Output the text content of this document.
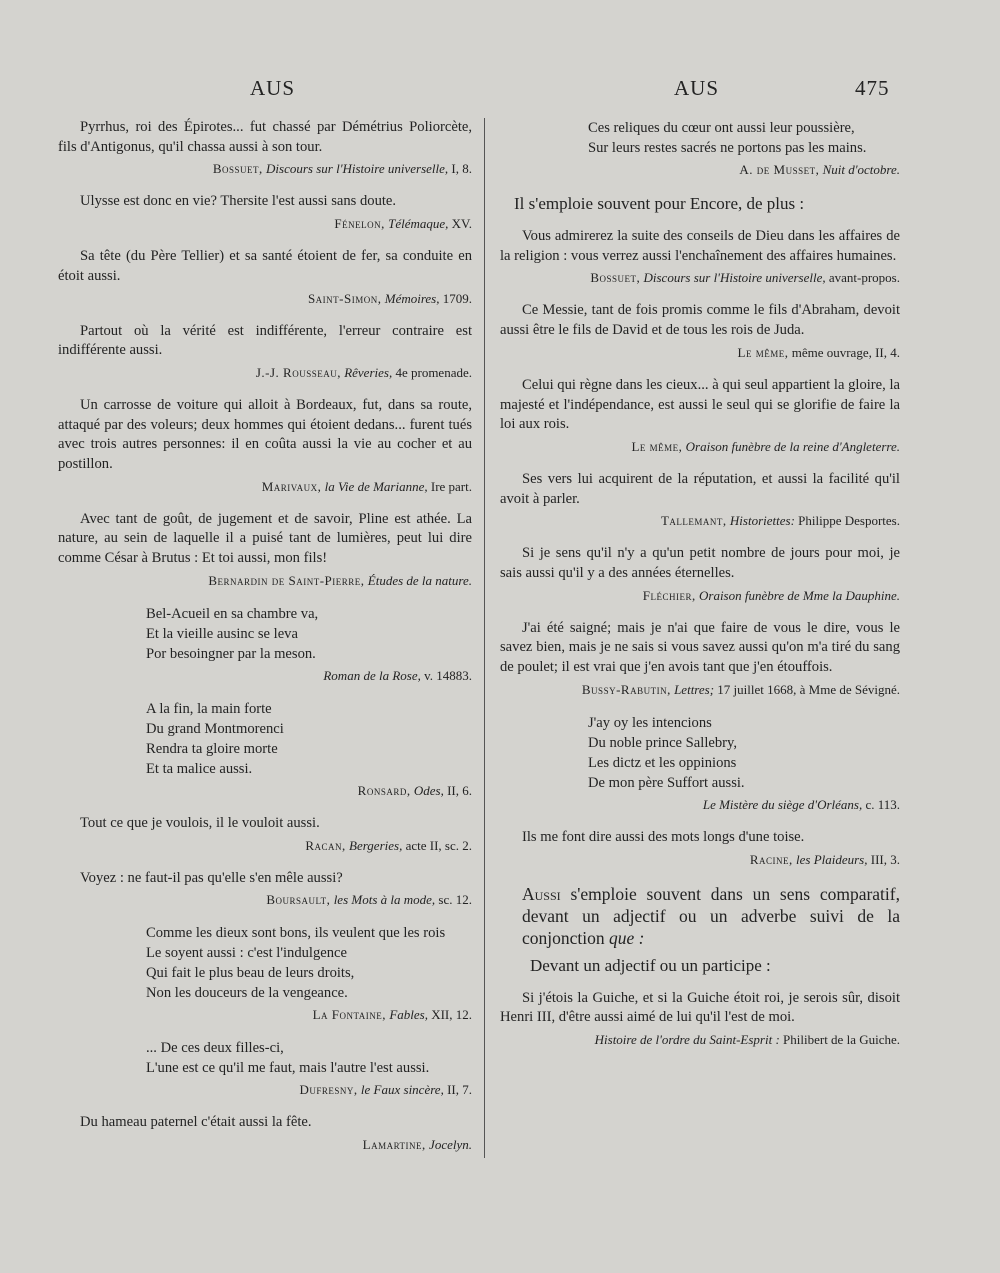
AUS	AUS	475

Pyrrhus, roi des Épirotes... fut chassé par Démétrius Poliorcète, fils d'Antigonus, qu'il chassa aussi à son tour.

Bossuet, Discours sur l'Histoire universelle, I, 8.

Ulysse est donc en vie? Thersite l'est aussi sans doute.

Fénelon, Télémaque, XV.

Sa tête (du Père Tellier) et sa santé étoient de fer, sa conduite en étoit aussi.

Saint-Simon, Mémoires, 1709.

Partout où la vérité est indifférente, l'erreur contraire est indifférente aussi.

J.-J. Rousseau, Rêveries, 4e promenade.

Un carrosse de voiture qui alloit à Bordeaux, fut, dans sa route, attaqué par des voleurs; deux hommes qui étoient dedans... furent tués avec trois autres personnes: il en coûta aussi la vie au cocher et au postillon.

Marivaux, la Vie de Marianne, Ire part.

Avec tant de goût, de jugement et de savoir, Pline est athée. La nature, au sein de laquelle il a puisé tant de lumières, peut lui dire comme César à Brutus : Et toi aussi, mon fils!

Bernardin de Saint-Pierre, Études de la nature.
Bel-Acueil en sa chambre va,
Et la vieille ausinc se leva
Por besoingner par la meson.
Roman de la Rose, v. 14883.
A la fin, la main forte
Du grand Montmorenci
Rendra ta gloire morte
Et ta malice aussi.
Ronsard, Odes, II, 6.

Tout ce que je voulois, il le vouloit aussi.

Racan, Bergeries, acte II, sc. 2.

Voyez : ne faut-il pas qu'elle s'en mêle aussi?

Boursault, les Mots à la mode, sc. 12.
Comme les dieux sont bons, ils veulent que les rois
Le soyent aussi : c'est l'indulgence
Qui fait le plus beau de leurs droits,
Non les douceurs de la vengeance.
La Fontaine, Fables, XII, 12.
... De ces deux filles-ci,
L'une est ce qu'il me faut, mais l'autre l'est aussi.
Dufresny, le Faux sincère, II, 7.

Du hameau paternel c'était aussi la fête.

Lamartine, Jocelyn.
Ces reliques du cœur ont aussi leur poussière,
Sur leurs restes sacrés ne portons pas les mains.
A. de Musset, Nuit d'octobre.
Il s'emploie souvent pour Encore, de plus :

Vous admirerez la suite des conseils de Dieu dans les affaires de la religion : vous verrez aussi l'enchaînement des affaires humaines.

Bossuet, Discours sur l'Histoire universelle, avant-propos.

Ce Messie, tant de fois promis comme le fils d'Abraham, devoit aussi être le fils de David et de tous les rois de Juda.

Le même, même ouvrage, II, 4.

Celui qui règne dans les cieux... à qui seul appartient la gloire, la majesté et l'indépendance, est aussi le seul qui se glorifie de faire la loi aux rois.

Le même, Oraison funèbre de la reine d'Angleterre.

Ses vers lui acquirent de la réputation, et aussi la facilité qu'il avoit à parler.

Tallemant, Historiettes: Philippe Desportes.

Si je sens qu'il n'y a qu'un petit nombre de jours pour moi, je sais aussi qu'il y a des années éternelles.

Fléchier, Oraison funèbre de Mme la Dauphine.

J'ai été saigné; mais je n'ai que faire de vous le dire, vous le savez bien, mais je ne sais si vous savez aussi qu'on m'a tiré du sang de poulet; il est vrai que j'en avois tant que j'en étouffois.

Bussy-Rabutin, Lettres; 17 juillet 1668, à Mme de Sévigné.
J'ay oy les intencions
Du noble prince Sallebry,
Les dictz et les oppinions
De mon père Suffort aussi.
Le Mistère du siège d'Orléans, c. 113.

Ils me font dire aussi des mots longs d'une toise.

Racine, les Plaideurs, III, 3.
Aussi s'emploie souvent dans un sens comparatif, devant un adjectif ou un adverbe suivi de la conjonction que :
Devant un adjectif ou un participe :

Si j'étois la Guiche, et si la Guiche étoit roi, je serois sûr, disoit Henri III, d'être aussi aimé de lui qu'il l'est de moi.

Histoire de l'ordre du Saint-Esprit : Philibert de la Guiche.
